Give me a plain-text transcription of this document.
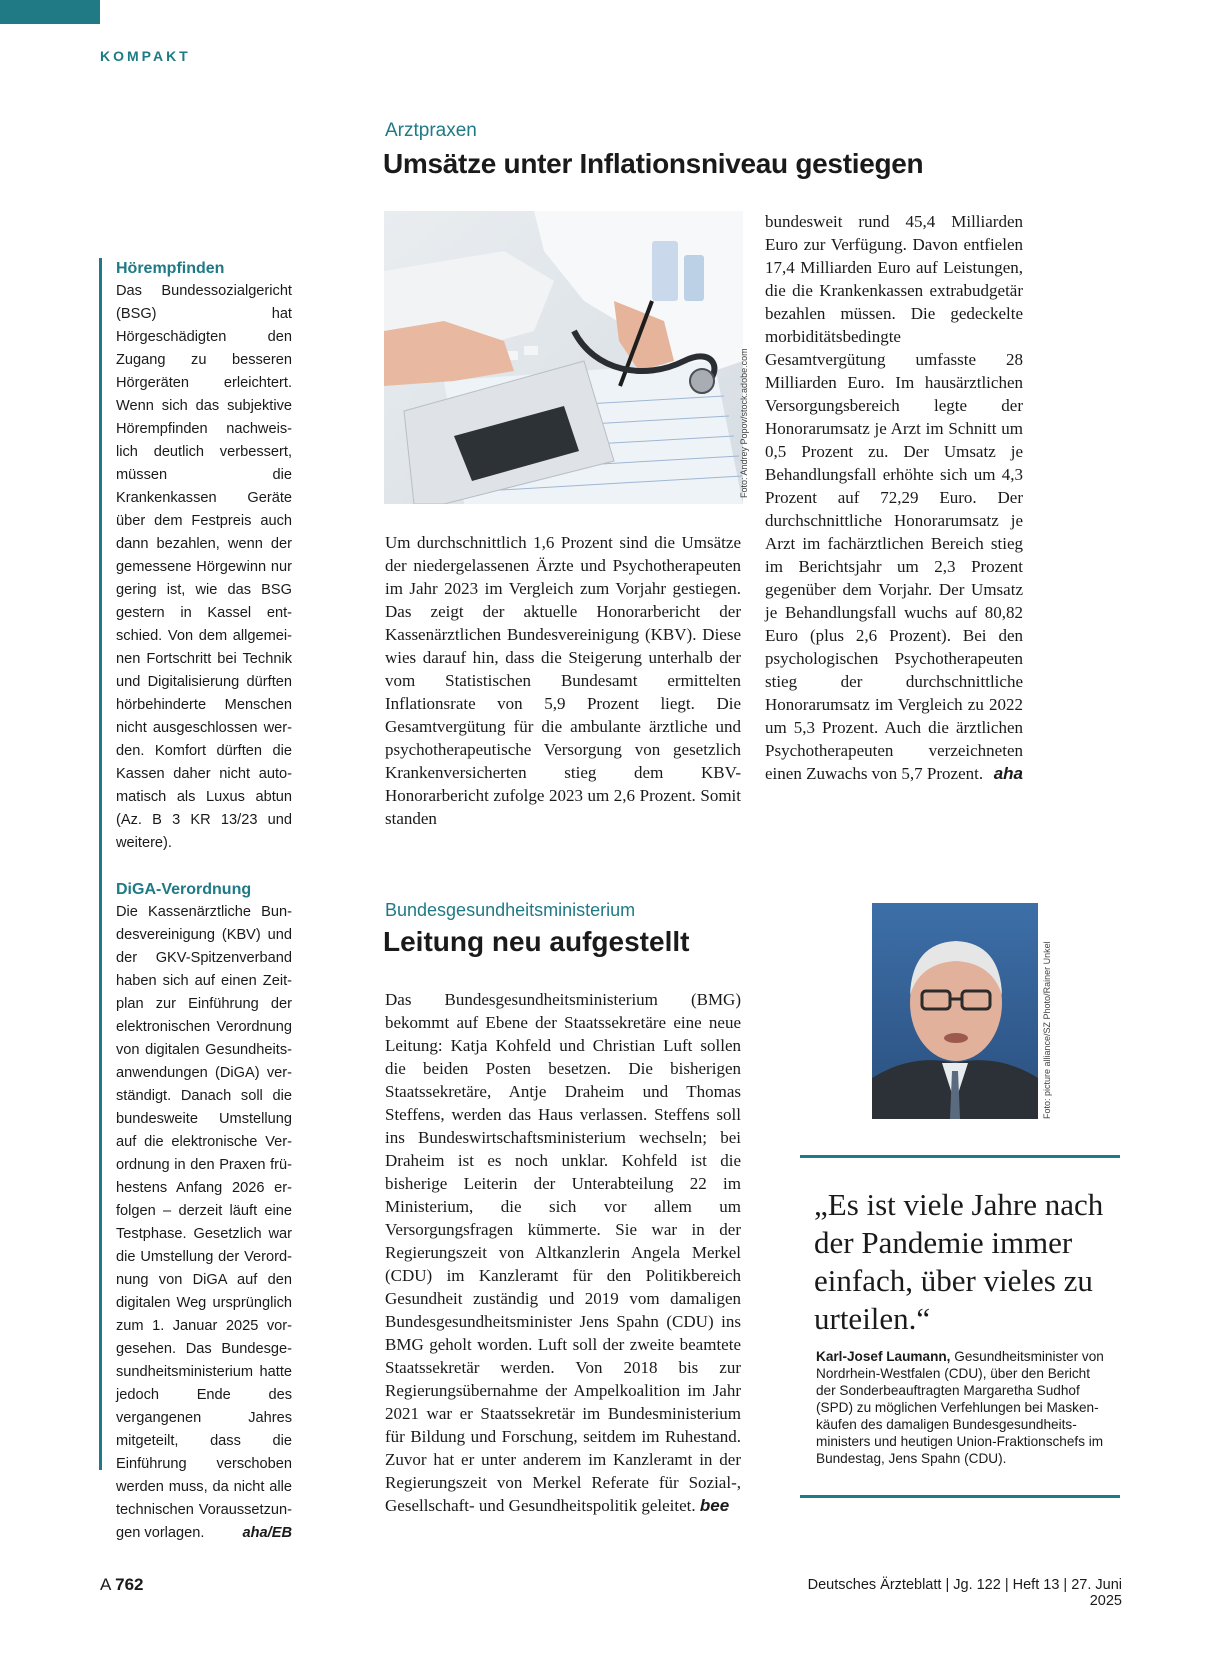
KOMPAKT

Hörempfinden

Das Bundessozialgericht (BSG) hat Hörgeschädigten den Zugang zu besseren Hörgeräten erleichtert. Wenn sich das subjektive Hörempfinden nachweislich deutlich verbessert, müssen die Krankenkassen Geräte über dem Festpreis auch dann bezahlen, wenn der gemessene Hörgewinn nur gering ist, wie das BSG gestern in Kassel entschied. Von dem allgemeinen Fortschritt bei Technik und Digitalisierung dürften hörbehinderte Menschen nicht ausgeschlossen werden. Komfort dürften die Kassen daher nicht automatisch als Luxus abtun (Az. B 3 KR 13/23 und weitere).

DiGA-Verordnung

Die Kassenärztliche Bundesvereinigung (KBV) und der GKV-Spitzenverband haben sich auf einen Zeitplan zur Einführung der elektronischen Verordnung von digitalen Gesundheitsanwendungen (DiGA) verständigt. Danach soll die bundesweite Umstellung auf die elektronische Verordnung in den Praxen frühestens Anfang 2026 erfolgen – derzeit läuft eine Testphase. Gesetzlich war die Umstellung der Verordnung von DiGA auf den digitalen Weg ursprünglich zum 1. Januar 2025 vorgesehen. Das Bundesgesundheitsministerium hatte jedoch Ende des vergangenen Jahres mitgeteilt, dass die Einführung verschoben werden muss, da nicht alle technischen Voraussetzungen vorlagen.	aha/EB

Arztpraxen
Umsätze unter Inflationsniveau gestiegen
Foto: Andrey Popov/stock.adobe.com

Um durchschnittlich 1,6 Prozent sind die Umsätze der niedergelassenen Ärzte und Psychotherapeuten im Jahr 2023 im Vergleich zum Vorjahr gestiegen. Das zeigt der aktuelle Honorarbericht der Kassenärztlichen Bundesvereinigung (KBV). Diese wies darauf hin, dass die Steigerung unterhalb der vom Statistischen Bundesamt ermittelten Inflationsrate von 5,9 Prozent liegt. Die Gesamtvergütung für die ambulante ärztliche und psychotherapeutische Versorgung von gesetzlich Krankenversicherten stieg dem KBV-Honorarbericht zufolge 2023 um 2,6 Prozent. Somit standen

bundesweit rund 45,4 Milliarden Euro zur Verfügung. Davon entfielen 17,4 Milliarden Euro auf Leistungen, die die Krankenkassen extrabudgetär bezahlen müssen. Die gedeckelte morbiditätsbedingte Gesamtvergütung umfasste 28 Milliarden Euro. Im hausärztlichen Versorgungsbereich legte der Honorarumsatz je Arzt im Schnitt um 0,5 Prozent zu. Der Umsatz je Behandlungsfall erhöhte sich um 4,3 Prozent auf 72,29 Euro. Der durchschnittliche Honorarumsatz je Arzt im fachärztlichen Bereich stieg im Berichtsjahr um 2,3 Prozent gegenüber dem Vorjahr. Der Umsatz je Behandlungsfall wuchs auf 80,82 Euro (plus 2,6 Prozent). Bei den psychologischen Psychotherapeuten stieg der durchschnittliche Honorarumsatz im Vergleich zu 2022 um 5,3 Prozent. Auch die ärztlichen Psychotherapeuten verzeichneten einen Zuwachs von 5,7 Prozent. aha

Bundesgesundheitsministerium
Leitung neu aufgestellt

Das Bundesgesundheitsministerium (BMG) bekommt auf Ebene der Staatssekretäre eine neue Leitung: Katja Kohfeld und Christian Luft sollen die beiden Posten besetzen. Die bisherigen Staatssekretäre, Antje Draheim und Thomas Steffens, werden das Haus verlassen. Steffens soll ins Bundeswirtschaftsministerium wechseln; bei Draheim ist es noch unklar. Kohfeld ist die bisherige Leiterin der Unterabteilung 22 im Ministerium, die sich vor allem um Versorgungsfragen kümmerte. Sie war in der Regierungszeit von Altkanzlerin Angela Merkel (CDU) im Kanzleramt für den Politikbereich Gesundheit zuständig und 2019 vom damaligen Bundesgesundheitsminister Jens Spahn (CDU) ins BMG geholt worden. Luft soll der zweite beamtete Staatssekretär werden. Von 2018 bis zur Regierungsübernahme der Ampelkoalition im Jahr 2021 war er Staatssekretär im Bundesministerium für Bildung und Forschung, seitdem im Ruhestand. Zuvor hat er unter anderem im Kanzleramt in der Regierungszeit von Merkel Referate für Sozial-, Gesellschaft- und Gesundheitspolitik geleitet. bee

Foto: picture alliance/SZ Photo/Rainer Unkel

„Es ist viele Jahre nach der Pandemie immer einfach, über vieles zu urteilen.“

Karl-Josef Laumann, Gesundheitsminister von Nordrhein-Westfalen (CDU), über den Bericht der Sonderbeauftragten Margaretha Sudhof (SPD) zu möglichen Verfehlungen bei Maskenkäufen des damaligen Bundesgesundheitsministers und heutigen Union-Fraktionschefs im Bundestag, Jens Spahn (CDU).

A 762	Deutsches Ärzteblatt | Jg. 122 | Heft 13 | 27. Juni 2025
